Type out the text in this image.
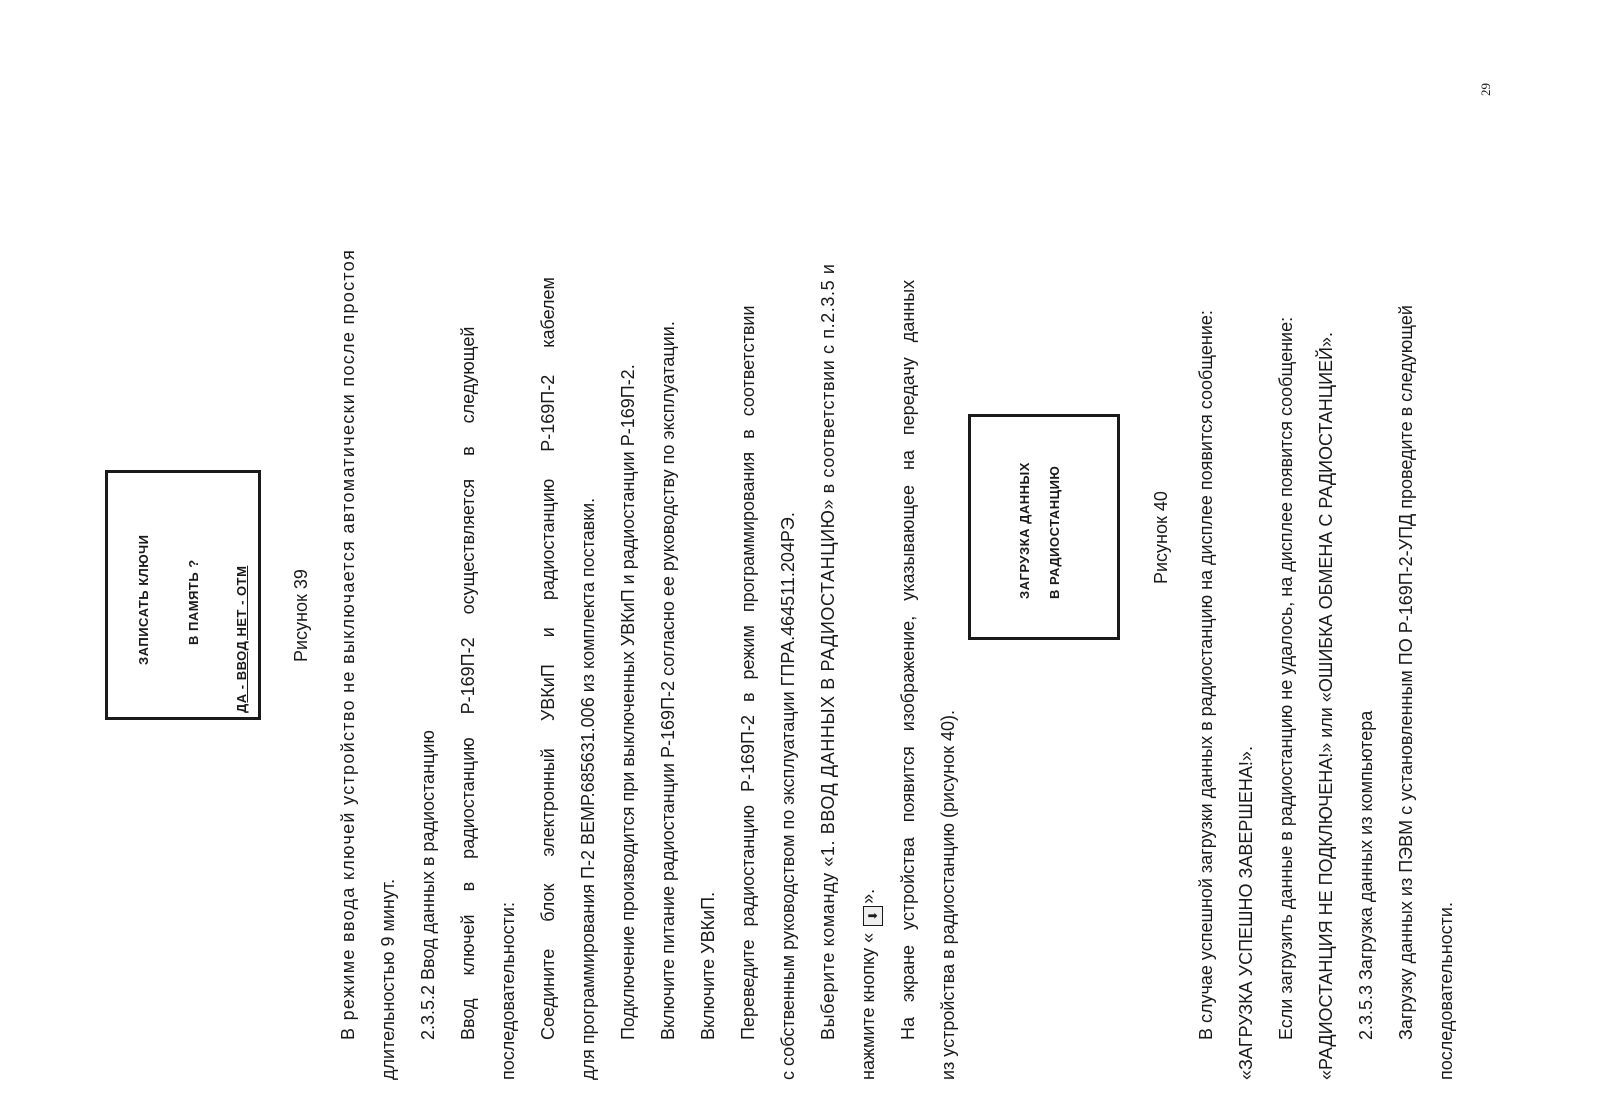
ЗАПИСАТЬ КЛЮЧИ	В ПАМЯТЬ ?	ДА - ВВОД НЕТ - ОТМ Рисунок 39 В режиме ввода ключей устройство не выключается автоматически после простоя длительностью 9 минут. 2.3.5.2 Ввод данных в радиостанцию Ввод ключей в радиостанцию Р-169П-2 осуществляется в следующей последовательности: Соедините блок электронный УВКиП и радиостанцию Р-169П-2 кабелем для программирования П-2 ВЕМР.685631.006 из комплекта поставки. Подключение производится при выключенных УВКиП и радиостанции Р-169П-2. Включите питание радиостанции Р-169П-2 согласно ее руководству по эксплуатации. Включите УВКиП. Переведите радиостанцию Р-169П-2 в режим программирования в соответствии с собственным руководством по эксплуатации ГПРА.464511.204РЭ. Выберите команду «1. ВВОД ДАННЫХ В РАДИОСТАНЦИЮ» в соответствии с п.2.3.5 и нажмите кнопку « ⬇». На экране устройства появится изображение, указывающее на передачу данных из устройства в радиостанцию (рисунок 40).
ЗАГРУЗКА ДАННЫХ В РАДИОСТАНЦИЮ	Рисунок 40 В случае успешной загрузки данных в радиостанцию на дисплее появится сообщение: «ЗАГРУЗКА УСПЕШНО ЗАВЕРШЕНА!». Если загрузить данные в радиостанцию не удалось, на дисплее появится сообщение: «РАДИОСТАНЦИЯ НЕ ПОДКЛЮЧЕНА!» или «ОШИБКА ОБМЕНА С РАДИОСТАНЦИЕЙ». 2.3.5.3 Загрузка данных из компьютера Загрузку данных из ПЭВМ с установленным ПО Р-169П-2-УПД проведите в следующей последовательности.
29
